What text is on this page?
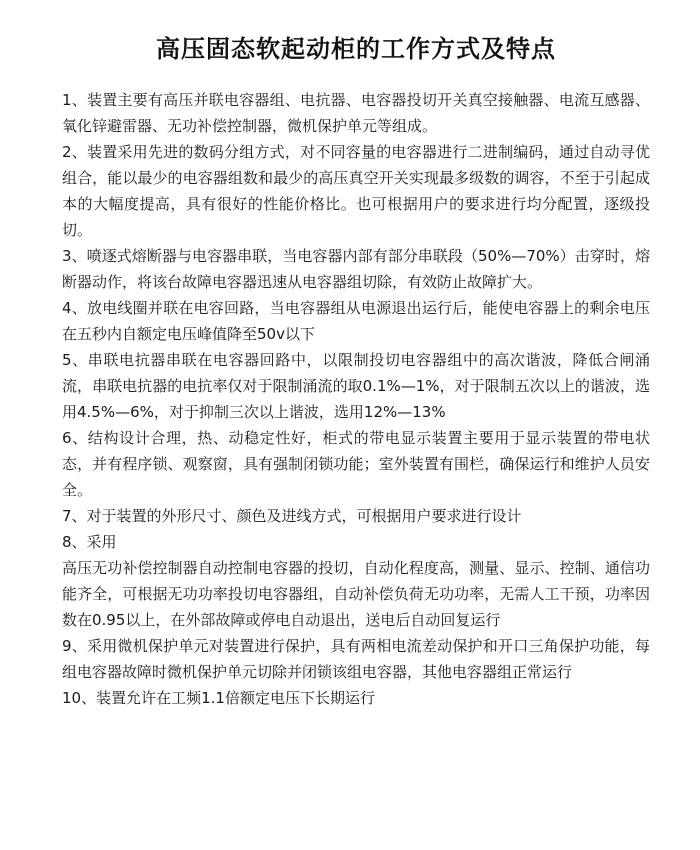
高压固态软起动柜的工作方式及特点

1、装置主要有高压并联电容器组、电抗器、电容器投切开关真空接触器、电流互感器、氧化锌避雷器、无功补偿控制器，微机保护单元等组成。

2、装置采用先进的数码分组方式，对不同容量的电容器进行二进制编码，通过自动寻优组合，能以最少的电容器组数和最少的高压真空开关实现最多级数的调容，不至于引起成本的大幅度提高，具有很好的性能价格比。也可根据用户的要求进行均分配置，逐级投切。

3、喷逐式熔断器与电容器串联，当电容器内部有部分串联段（50%—70%）击穿时，熔断器动作，将该台故障电容器迅速从电容器组切除，有效防止故障扩大。

4、放电线圈并联在电容回路，当电容器组从电源退出运行后，能使电容器上的剩余电压在五秒内自额定电压峰值降至50v以下

5、串联电抗器串联在电容器回路中，以限制投切电容器组中的高次谐波，降低合闸涌流，串联电抗器的电抗率仅对于限制涌流的取0.1%—1%，对于限制五次以上的谐波，选用4.5%—6%，对于抑制三次以上谐波，选用12%—13%

6、结构设计合理，热、动稳定性好，柜式的带电显示装置主要用于显示装置的带电状态，并有程序锁、观察窗，具有强制闭锁功能；室外装置有围栏，确保运行和维护人员安全。

7、对于装置的外形尺寸、颜色及进线方式，可根据用户要求进行设计

8、采用

高压无功补偿控制器自动控制电容器的投切，自动化程度高，测量、显示、控制、通信功能齐全，可根据无功功率投切电容器组，自动补偿负荷无功功率，无需人工干预，功率因数在0.95以上，在外部故障或停电自动退出，送电后自动回复运行

9、采用微机保护单元对装置进行保护，具有两相电流差动保护和开口三角保护功能，每组电容器故障时微机保护单元切除并闭锁该组电容器，其他电容器组正常运行

10、装置允许在工频1.1倍额定电压下长期运行
